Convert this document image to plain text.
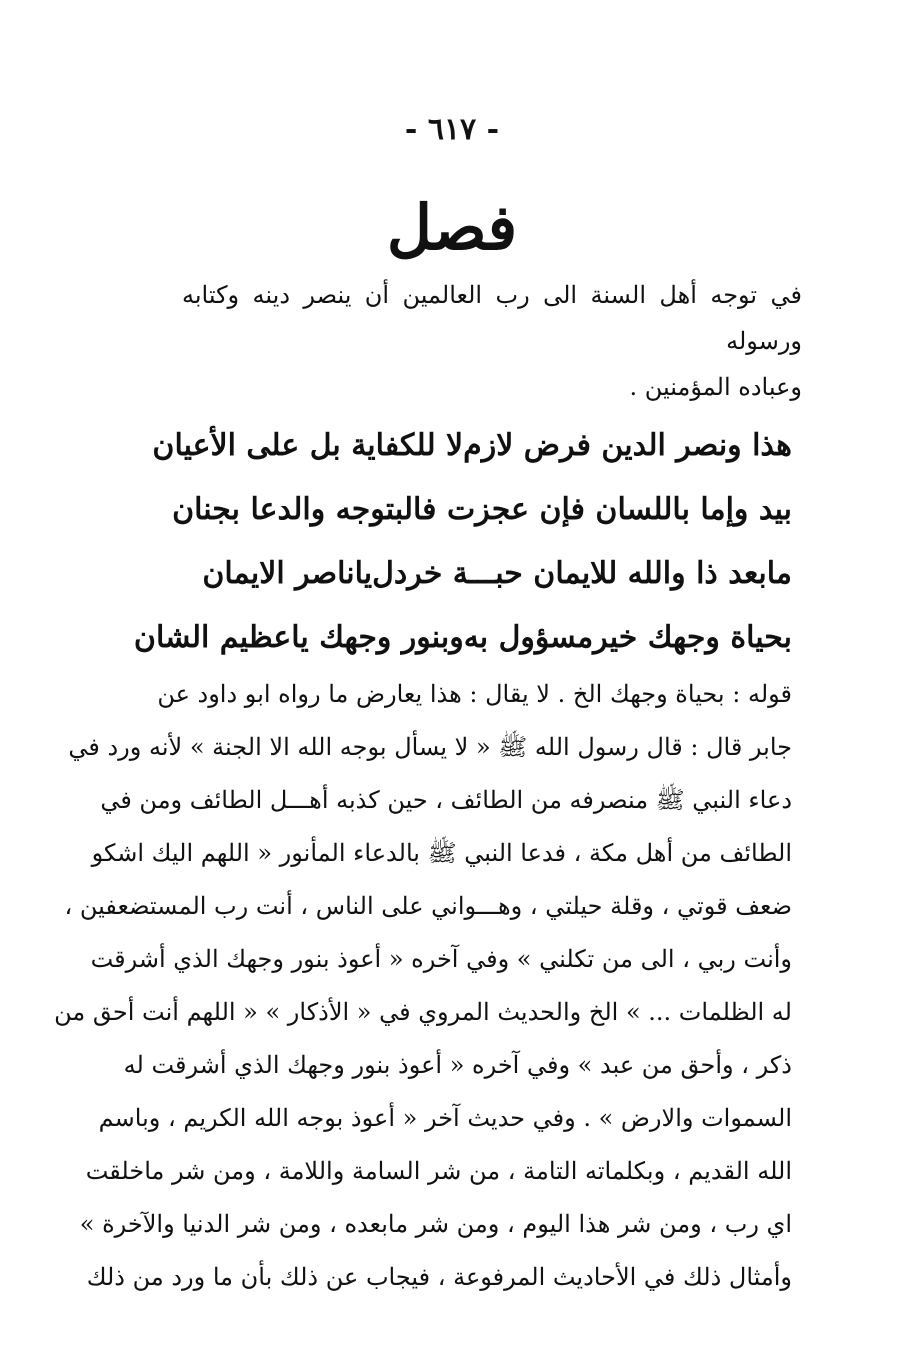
- ٦١٧ -
فصل
في توجه أهل السنة الى رب العالمين أن ينصر دينه وكتابه ورسوله
وعباده المؤمنين .
هذا ونصر الدين فرض لازم
لا للكفاية بل على الأعيان
بيد وإما باللسان فإن عجز
ت فالبتوجه والدعا بجنان
مابعد ذا والله للايمان حبـــة خردل
ياناصر الايمان
بحياة وجهك خيرمسؤول به
وبنور وجهك ياعظيم الشان
قوله : بحياة وجهك الخ . لا يقال : هذا يعارض ما رواه ابو داود عن
جابر قال : قال رسول الله ﷺ « لا يسأل بوجه الله الا الجنة » لأنه ورد في
دعاء النبي ﷺ منصرفه من الطائف ، حين كذبه أهـــل الطائف ومن في
الطائف من أهل مكة ، فدعا النبي ﷺ بالدعاء المأنور « اللهم اليك اشكو
ضعف قوتي ، وقلة حيلتي ، وهـــواني على الناس ، أنت رب المستضعفين ،
وأنت ربي ، الى من تكلني » وفي آخره « أعوذ بنور وجهك الذي أشرقت
له الظلمات ... » الخ والحديث المروي في « الأذكار » « اللهم أنت أحق من
ذكر ، وأحق من عبد » وفي آخره « أعوذ بنور وجهك الذي أشرقت له
السموات والارض » . وفي حديث آخر « أعوذ بوجه الله الكريم ، وباسم
الله القديم ، وبكلماته التامة ، من شر السامة واللامة ، ومن شر ماخلقت
اي رب ، ومن شر هذا اليوم ، ومن شر مابعده ، ومن شر الدنيا والآخرة »
وأمثال ذلك في الأحاديث المرفوعة ، فيجاب عن ذلك بأن ما ورد من ذلك
